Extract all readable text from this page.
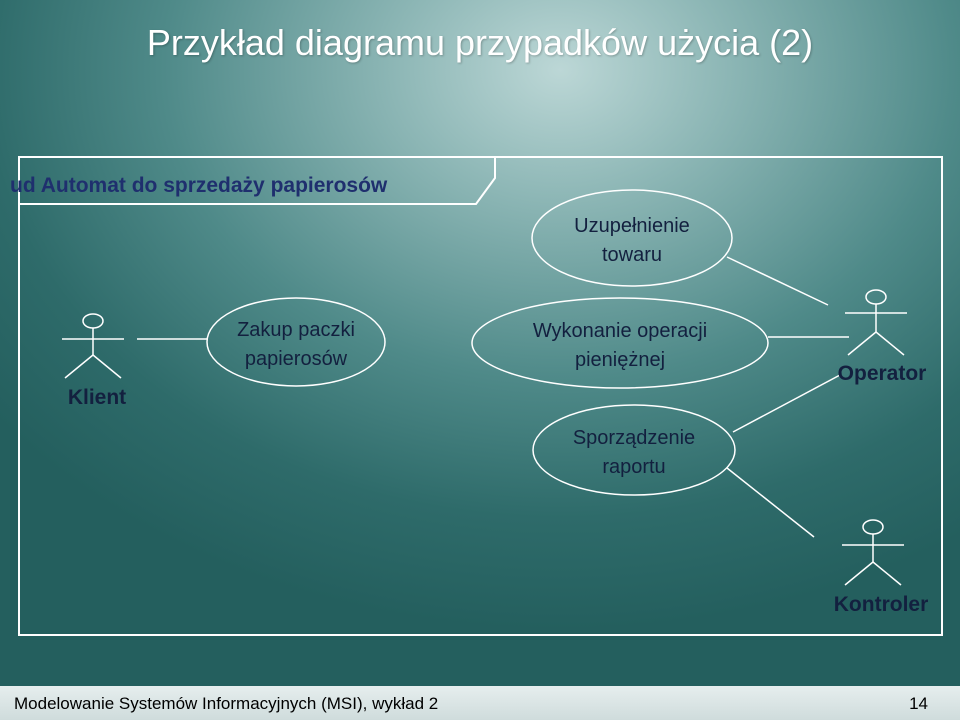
Przykład diagramu przypadków użycia (2)
ud Automat do sprzedaży papierosów
Uzupełnienie
towaru
Zakup paczki
papierosów
Wykonanie operacji
pieniężnej
Sporządzenie
raportu
Klient
Operator
Kontroler
Modelowanie Systemów Informacyjnych (MSI), wykład 2	14
